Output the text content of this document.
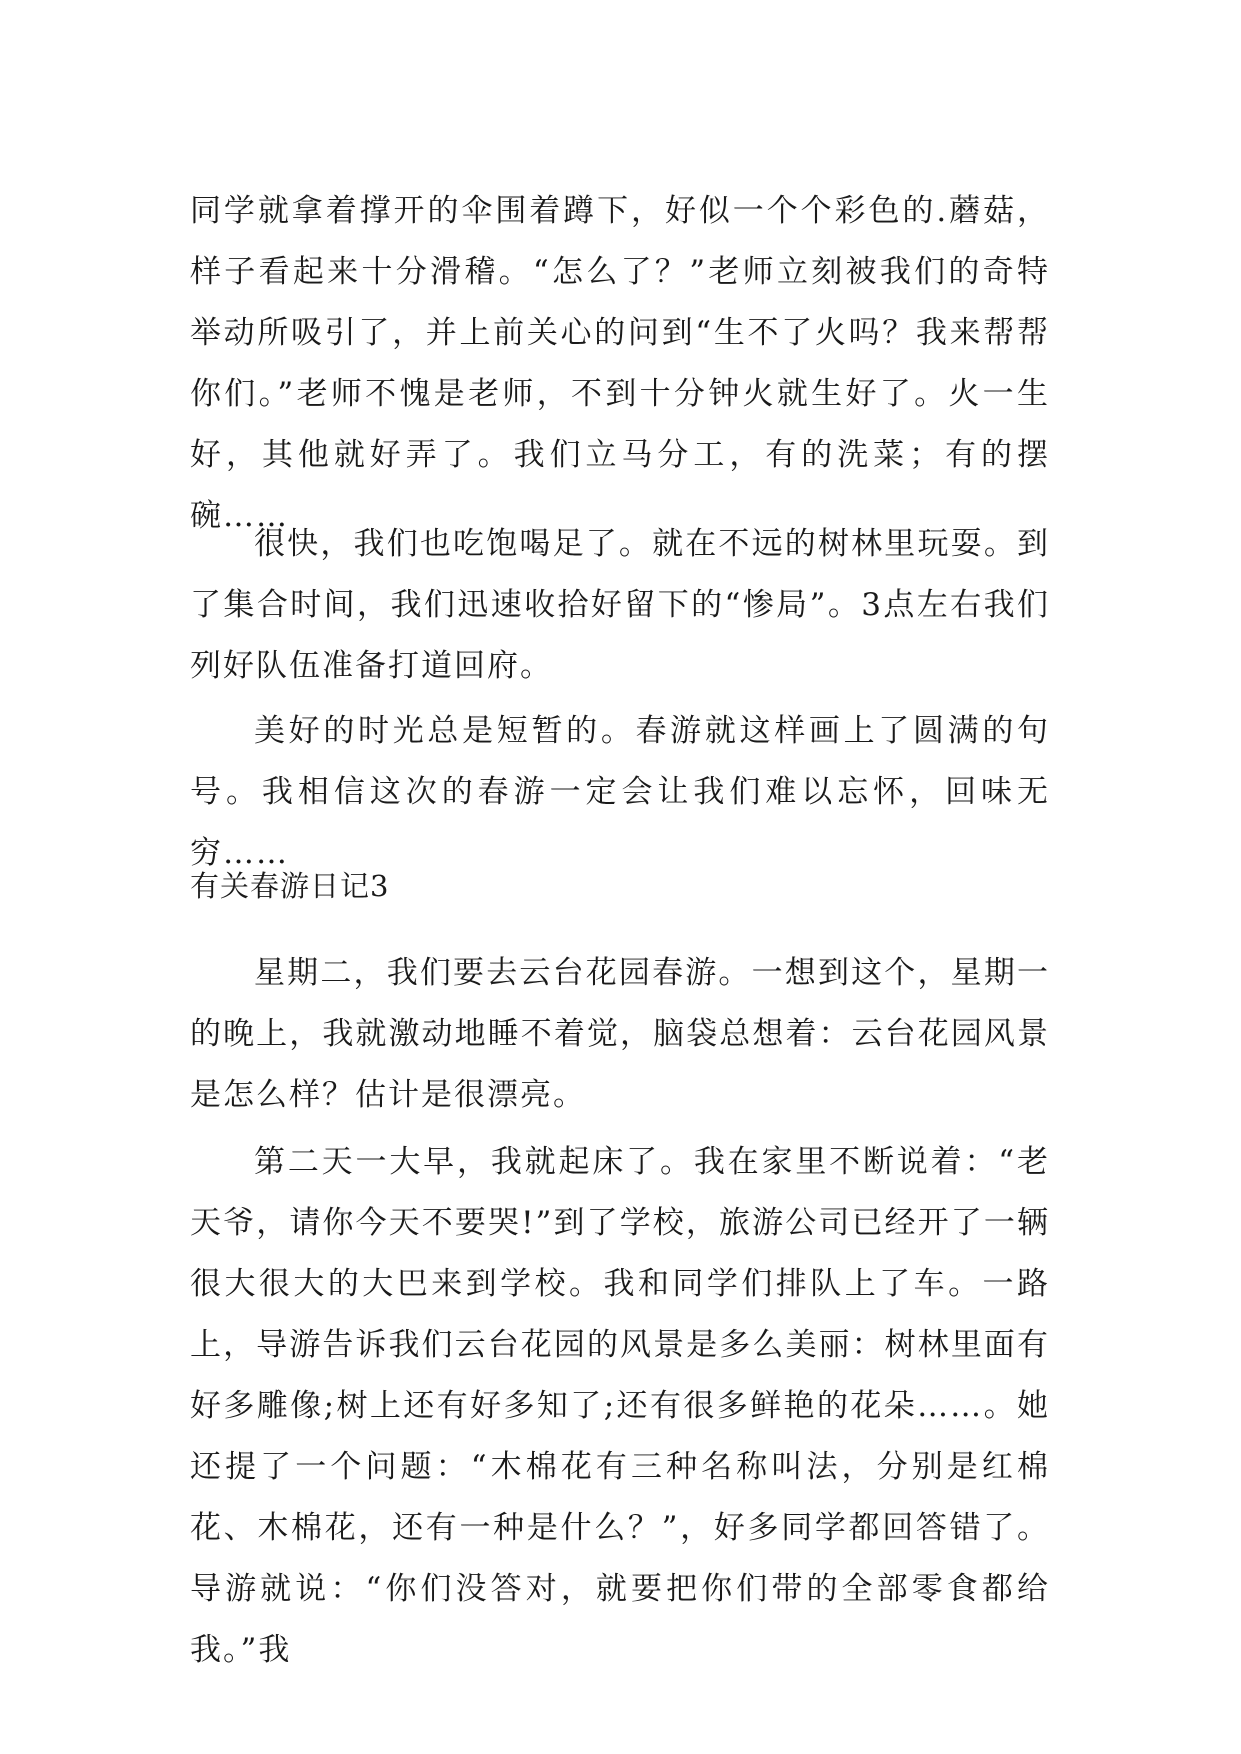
同学就拿着撑开的伞围着蹲下，好似一个个彩色的.蘑菇，样子看起来十分滑稽。“怎么了？”老师立刻被我们的奇特举动所吸引了，并上前关心的问到“生不了火吗？我来帮帮你们。”老师不愧是老师，不到十分钟火就生好了。火一生好，其他就好弄了。我们立马分工，有的洗菜；有的摆碗……

很快，我们也吃饱喝足了。就在不远的树林里玩耍。到了集合时间，我们迅速收拾好留下的“惨局”。3点左右我们列好队伍准备打道回府。

美好的时光总是短暂的。春游就这样画上了圆满的句号。我相信这次的春游一定会让我们难以忘怀，回味无穷……

有关春游日记3

星期二，我们要去云台花园春游。一想到这个，星期一的晚上，我就激动地睡不着觉，脑袋总想着：云台花园风景是怎么样？估计是很漂亮。

第二天一大早，我就起床了。我在家里不断说着：“老天爷，请你今天不要哭!”到了学校，旅游公司已经开了一辆很大很大的大巴来到学校。我和同学们排队上了车。一路上，导游告诉我们云台花园的风景是多么美丽：树林里面有好多雕像;树上还有好多知了;还有很多鲜艳的花朵……。她还提了一个问题：“木棉花有三种名称叫法，分别是红棉花、木棉花，还有一种是什么？”，好多同学都回答错了。导游就说：“你们没答对，就要把你们带的全部零食都给我。”我
